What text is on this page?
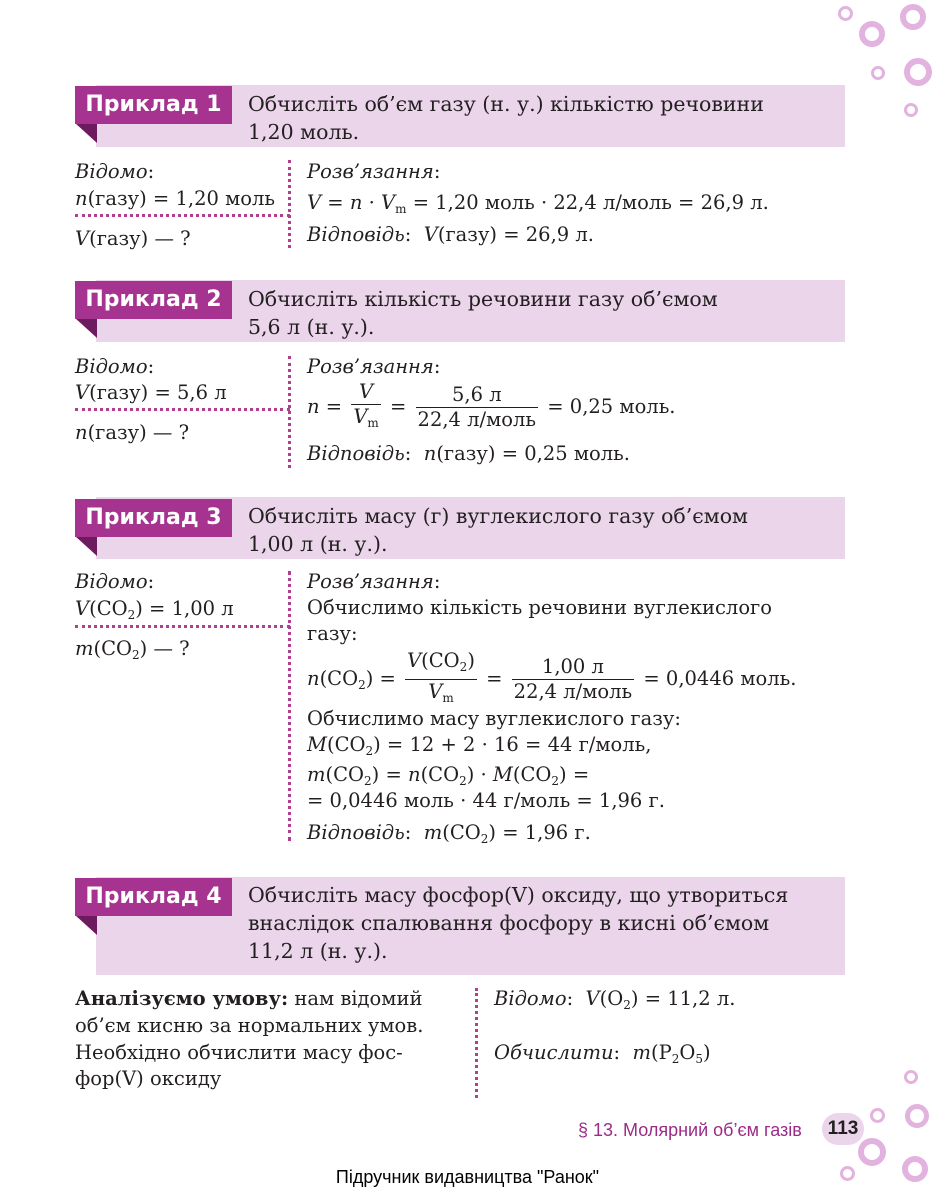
Приклад 1	Обчисліть об’єм газу (н. у.) кількістю речовини
1,20 моль.
Відомо:
n(газу) = 1,20 моль
V(газу) — ?
Розв’язання:
$V = n \cdot V_m = 1,20$ моль · 22,4 л/моль = 26,9 л.
Відповідь:  V(газу) = 26,9 л.
Приклад 2	Обчисліть кількість речовини газу об’ємом
5,6 л (н. у.).
Відомо:
V(газу) = 5,6 л
n(газу) — ?
Розв’язання:
$n = \frac{V}{V_m} = \frac{5,6 л}{\text{22,4 л/моль}} = 0,25$ моль.
Відповідь:  n(газу) = 0,25 моль.
Приклад 3	Обчисліть масу (г) вуглекислого газу об’ємом
1,00 л (н. у.).
Відомо:
$V(CO_2) = 1,00$ л
$m(CO_2)$ — ?
Розв’язання:
Обчислимо кількість речовини вуглекислого
газу:
$n(CO_2) = \frac{V(CO_2)}{V_m} = \frac{1,00 л}{\text{22,4 л/моль}} = 0,0446$ моль.
Обчислимо масу вуглекислого газу:
$M(CO_2) = 12 + 2 \cdot 16 = 44$ г/моль,
$m(CO_2) = n(CO_2) \cdot M(CO_2)$ =
= 0,0446 моль · 44 г/моль = 1,96 г.
Відповідь:  $m(CO_2) = 1,96$ г.
Приклад 4	Обчисліть масу фосфор(V) оксиду, що утвориться
внаслідок спалювання фосфору в кисні об’ємом
11,2 л (н. у.).
Аналізуємо умову: нам відомий
об’єм кисню за нормальних умов.
Необхідно обчислити масу фос-
фор(V) оксиду
Відомо:  $V(O_2) = 11,2$ л.
Обчислити:  $m(P_2O_5)$
§ 13. Молярний об’єм газів 113
Підручник видавництва "Ранок"
